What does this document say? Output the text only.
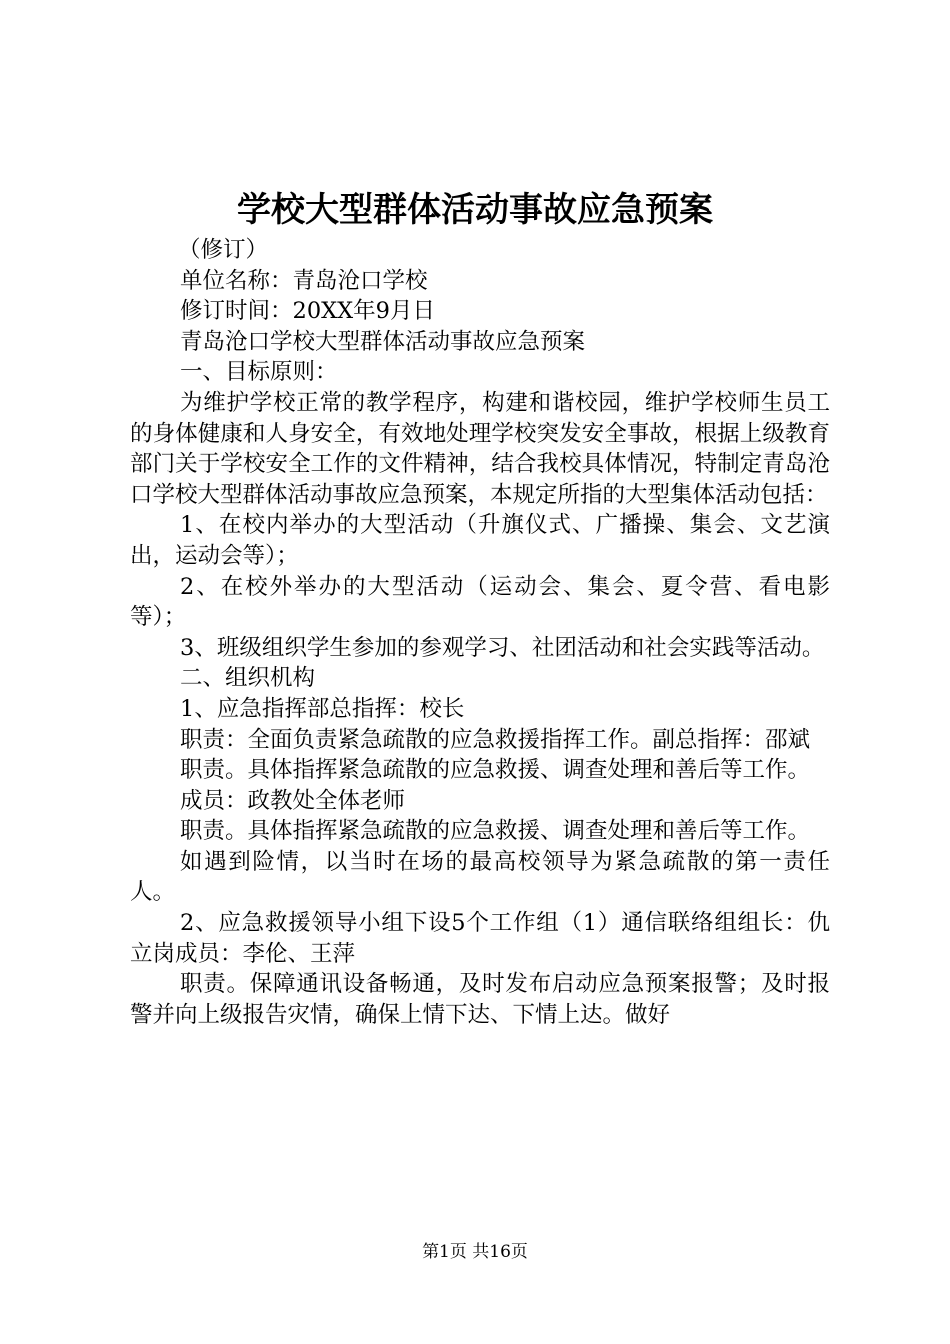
学校大型群体活动事故应急预案

（修订）

单位名称：青岛沧口学校

修订时间：20XX年9月日

青岛沧口学校大型群体活动事故应急预案

一、目标原则：

为维护学校正常的教学程序，构建和谐校园，维护学校师生员工的身体健康和人身安全，有效地处理学校突发安全事故，根据上级教育部门关于学校安全工作的文件精神，结合我校具体情况，特制定青岛沧口学校大型群体活动事故应急预案，本规定所指的大型集体活动包括：

1、在校内举办的大型活动（升旗仪式、广播操、集会、文艺演出，运动会等）；

2、在校外举办的大型活动（运动会、集会、夏令营、看电影等）；

3、班级组织学生参加的参观学习、社团活动和社会实践等活动。

二、组织机构

1、应急指挥部总指挥：校长

职责：全面负责紧急疏散的应急救援指挥工作。副总指挥：邵斌

职责。具体指挥紧急疏散的应急救援、调查处理和善后等工作。

成员：政教处全体老师

职责。具体指挥紧急疏散的应急救援、调查处理和善后等工作。

如遇到险情，以当时在场的最高校领导为紧急疏散的第一责任人。

2、应急救援领导小组下设5个工作组（1）通信联络组组长：仇立岗成员：李伦、王萍

职责。保障通讯设备畅通，及时发布启动应急预案报警；及时报警并向上级报告灾情，确保上情下达、下情上达。做好

第1页 共16页
